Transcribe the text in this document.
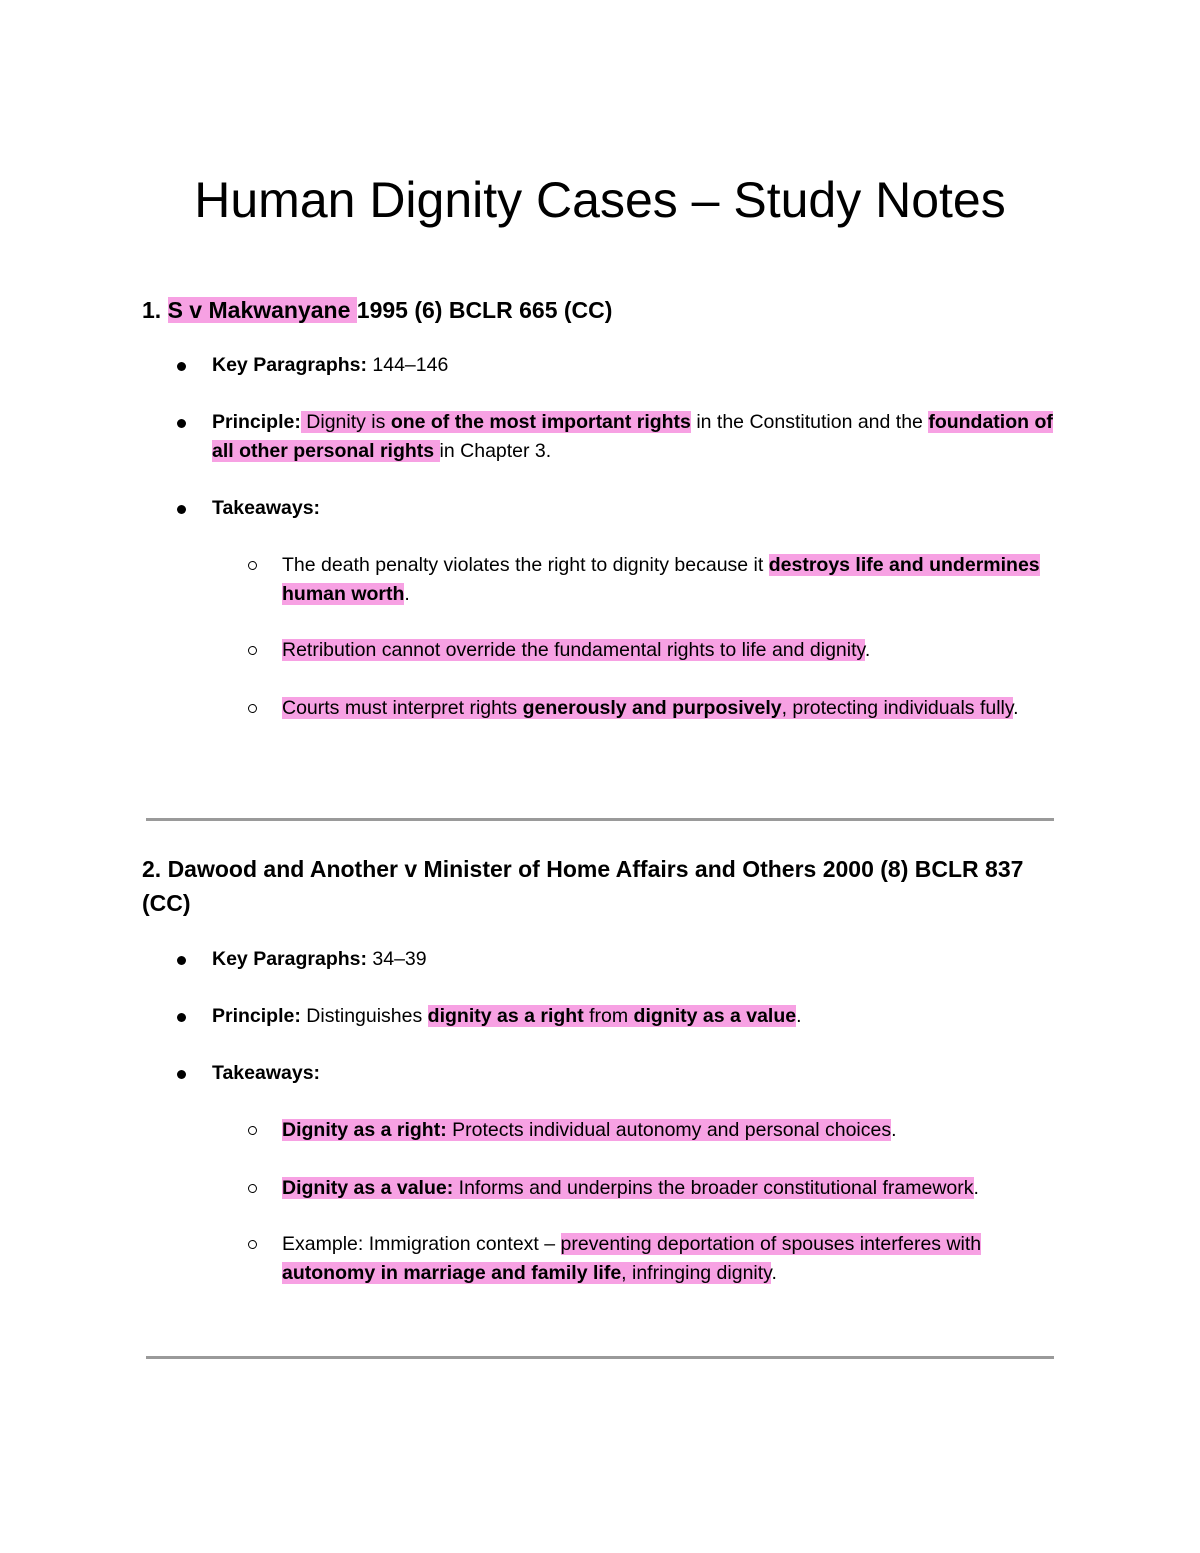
Human Dignity Cases – Study Notes
1. S v Makwanyane 1995 (6) BCLR 665 (CC)

Key Paragraphs: 144–146

Principle: Dignity is one of the most important rights in the Constitution and the foundation of all other personal rights in Chapter 3.

Takeaways:

The death penalty violates the right to dignity because it destroys life and undermines human worth.

Retribution cannot override the fundamental rights to life and dignity.

Courts must interpret rights generously and purposively, protecting individuals fully.

2. Dawood and Another v Minister of Home Affairs and Others 2000 (8) BCLR 837 (CC)

Key Paragraphs: 34–39

Principle: Distinguishes dignity as a right from dignity as a value.

Takeaways:

Dignity as a right: Protects individual autonomy and personal choices.

Dignity as a value: Informs and underpins the broader constitutional framework.

Example: Immigration context – preventing deportation of spouses interferes with autonomy in marriage and family life, infringing dignity.
